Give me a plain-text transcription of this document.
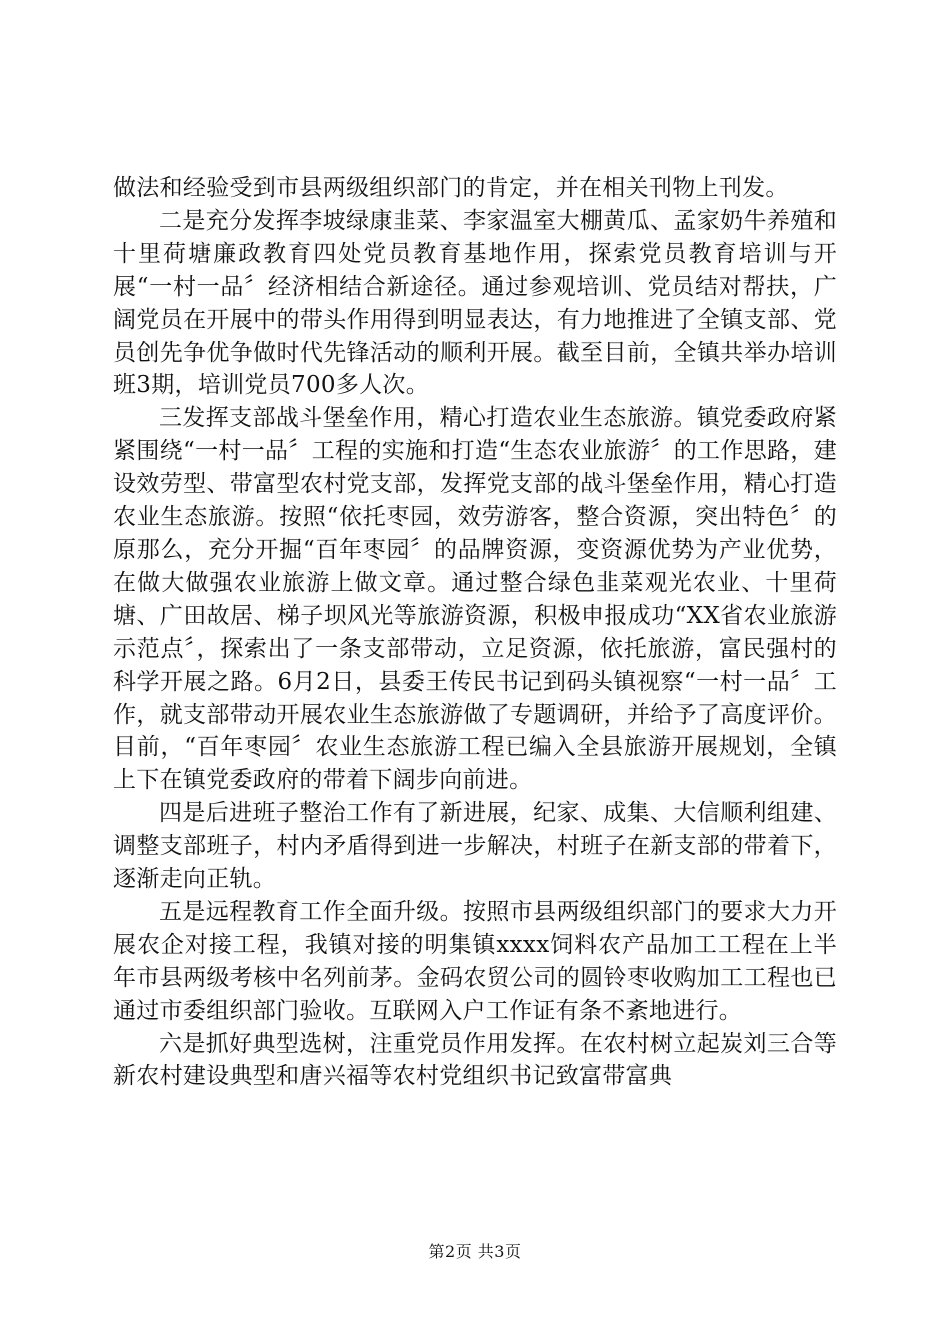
做法和经验受到市县两级组织部门的肯定，并在相关刊物上刊发。

二是充分发挥李坡绿康韭菜、李家温室大棚黄瓜、孟家奶牛养殖和十里荷塘廉政教育四处党员教育基地作用，探索党员教育培训与开展“一村一品〞经济相结合新途径。通过参观培训、党员结对帮扶，广阔党员在开展中的带头作用得到明显表达，有力地推进了全镇支部、党员创先争优争做时代先锋活动的顺利开展。截至目前，全镇共举办培训班3期，培训党员700多人次。

三发挥支部战斗堡垒作用，精心打造农业生态旅游。镇党委政府紧紧围绕“一村一品〞工程的实施和打造“生态农业旅游〞的工作思路，建设效劳型、带富型农村党支部，发挥党支部的战斗堡垒作用，精心打造农业生态旅游。按照“依托枣园，效劳游客，整合资源，突出特色〞的原那么，充分开掘“百年枣园〞的品牌资源，变资源优势为产业优势，在做大做强农业旅游上做文章。通过整合绿色韭菜观光农业、十里荷塘、广田故居、梯子坝风光等旅游资源，积极申报成功“XX省农业旅游示范点〞，探索出了一条支部带动，立足资源，依托旅游，富民强村的科学开展之路。6月2日，县委王传民书记到码头镇视察“一村一品〞工作，就支部带动开展农业生态旅游做了专题调研，并给予了高度评价。目前，“百年枣园〞农业生态旅游工程已编入全县旅游开展规划，全镇上下在镇党委政府的带着下阔步向前进。

四是后进班子整治工作有了新进展，纪家、成集、大信顺利组建、调整支部班子，村内矛盾得到进一步解决，村班子在新支部的带着下，逐渐走向正轨。

五是远程教育工作全面升级。按照市县两级组织部门的要求大力开展农企对接工程，我镇对接的明集镇xxxx饲料农产品加工工程在上半年市县两级考核中名列前茅。金码农贸公司的圆铃枣收购加工工程也已通过市委组织部门验收。互联网入户工作证有条不紊地进行。

六是抓好典型选树，注重党员作用发挥。在农村树立起炭刘三合等新农村建设典型和唐兴福等农村党组织书记致富带富典

第2页 共3页
